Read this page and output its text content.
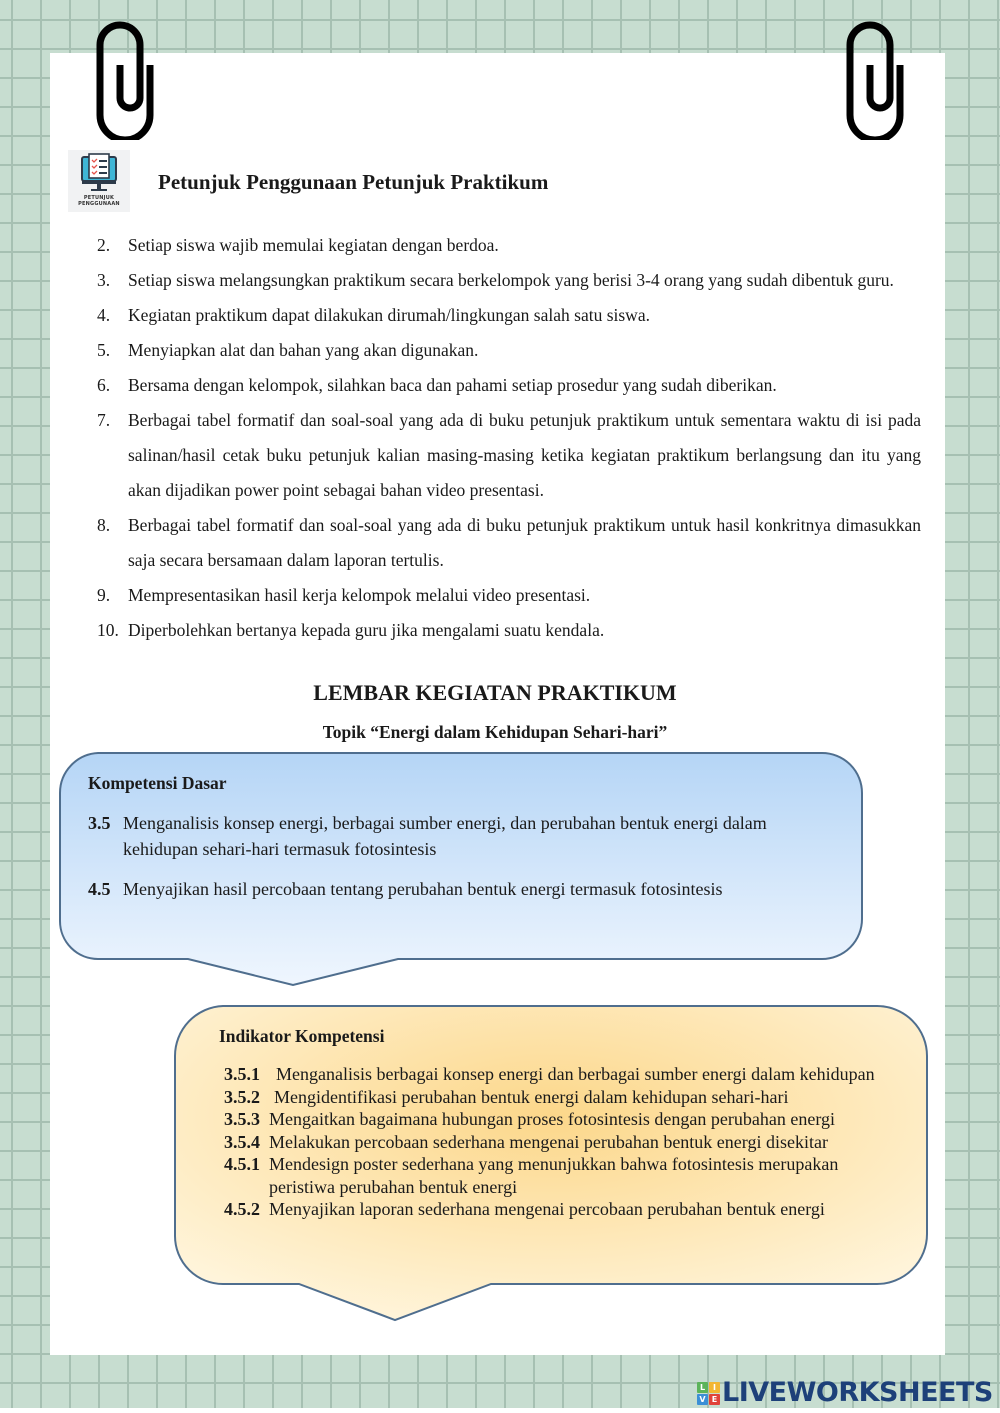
PETUNJUK
PENGGUNAAN
Petunjuk Penggunaan Petunjuk Praktikum
2.	Setiap siswa wajib memulai kegiatan dengan berdoa.
3.	Setiap siswa melangsungkan praktikum secara berkelompok yang berisi 3-4 orang yang sudah dibentuk guru.
4.	Kegiatan praktikum dapat dilakukan dirumah/lingkungan salah satu siswa.
5.	Menyiapkan alat dan bahan yang akan digunakan.
6.	Bersama dengan kelompok, silahkan baca dan pahami setiap prosedur yang sudah diberikan.
7.	Berbagai tabel formatif dan soal-soal yang ada di buku petunjuk praktikum untuk sementara waktu di isi pada salinan/hasil cetak buku petunjuk kalian masing-masing ketika kegiatan praktikum berlangsung dan itu yang akan dijadikan power point sebagai bahan video presentasi.
8.	Berbagai tabel formatif dan soal-soal yang ada di buku petunjuk praktikum untuk hasil konkritnya dimasukkan saja secara bersamaan dalam laporan tertulis.
9.	Mempresentasikan hasil kerja kelompok melalui video presentasi.
10. Diperbolehkan bertanya kepada guru jika mengalami suatu kendala.
LEMBAR KEGIATAN PRAKTIKUM
Topik “Energi dalam Kehidupan Sehari-hari”
Kompetensi Dasar
3.5 Menganalisis konsep energi, berbagai sumber energi, dan perubahan bentuk energi dalam kehidupan sehari-hari termasuk fotosintesis
4.5 Menyajikan hasil percobaan tentang perubahan bentuk energi termasuk fotosintesis
Indikator Kompetensi
3.5.1 Menganalisis berbagai konsep energi dan berbagai sumber energi dalam kehidupan
3.5.2 Mengidentifikasi perubahan bentuk energi dalam kehidupan sehari-hari
3.5.3 Mengaitkan bagaimana hubungan proses fotosintesis dengan perubahan energi
3.5.4 Melakukan percobaan sederhana mengenai perubahan bentuk energi disekitar
4.5.1 Mendesign poster sederhana yang menunjukkan bahwa fotosintesis merupakan peristiwa perubahan bentuk energi
4.5.2 Menyajikan laporan sederhana mengenai percobaan perubahan bentuk energi
L I
V E LIVEWORKSHEETS
